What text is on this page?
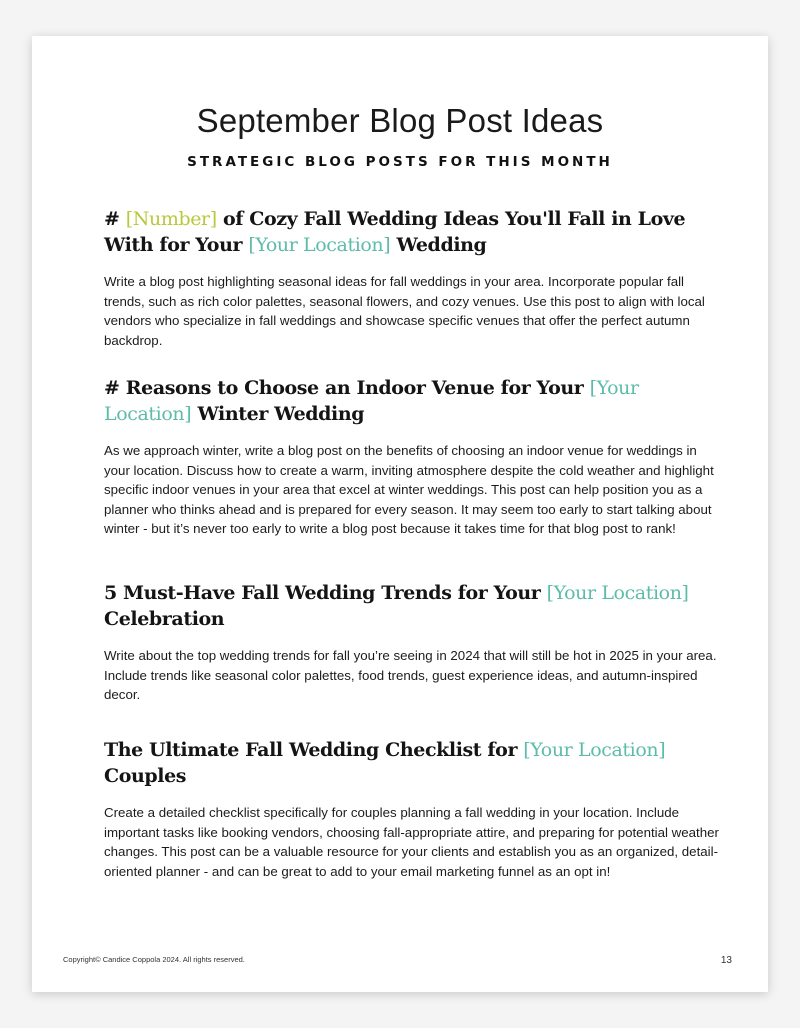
September Blog Post Ideas
STRATEGIC BLOG POSTS FOR THIS MONTH
# [Number] of Cozy Fall Wedding Ideas You'll Fall in Love With for Your [Your Location] Wedding

Write a blog post highlighting seasonal ideas for fall weddings in your area. Incorporate popular fall trends, such as rich color palettes, seasonal flowers, and cozy venues. Use this post to align with local vendors who specialize in fall weddings and showcase specific venues that offer the perfect autumn backdrop.

# Reasons to Choose an Indoor Venue for Your [Your Location] Winter Wedding

As we approach winter, write a blog post on the benefits of choosing an indoor venue for weddings in your location. Discuss how to create a warm, inviting atmosphere despite the cold weather and highlight specific indoor venues in your area that excel at winter weddings. This post can help position you as a planner who thinks ahead and is prepared for every season. It may seem too early to start talking about winter - but it’s never too early to write a blog post because it takes time for that blog post to rank!

5 Must-Have Fall Wedding Trends for Your [Your Location] Celebration

Write about the top wedding trends for fall you’re seeing in 2024 that will still be hot in 2025 in your area. Include trends like seasonal color palettes, food trends, guest experience ideas, and autumn-inspired decor.

The Ultimate Fall Wedding Checklist for [Your Location] Couples

Create a detailed checklist specifically for couples planning a fall wedding in your location. Include important tasks like booking vendors, choosing fall-appropriate attire, and preparing for potential weather changes. This post can be a valuable resource for your clients and establish you as an organized, detail-oriented planner - and can be great to add to your email marketing funnel as an opt in!

Copyright© Candice Coppola 2024. All rights reserved.	13
